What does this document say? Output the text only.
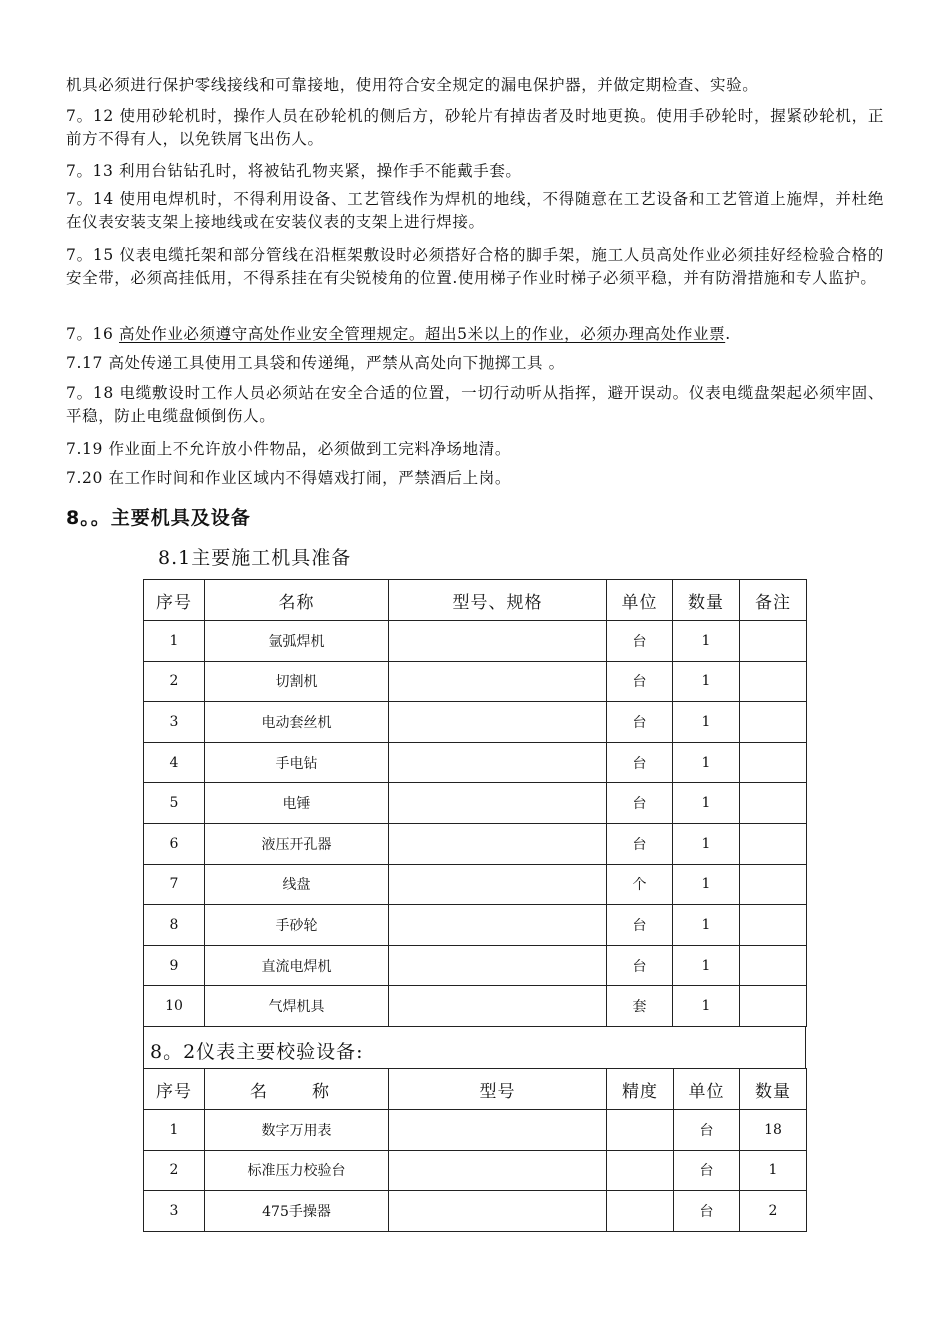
机具必须进行保护零线接线和可靠接地，使用符合安全规定的漏电保护器，并做定期检查、实验。
7。12 使用砂轮机时，操作人员在砂轮机的侧后方，砂轮片有掉齿者及时地更换。使用手砂轮时，握紧砂轮机，正前方不得有人，以免铁屑飞出伤人。
7。13 利用台钻钻孔时，将被钻孔物夹紧，操作手不能戴手套。
7。14 使用电焊机时，不得利用设备、工艺管线作为焊机的地线，不得随意在工艺设备和工艺管道上施焊，并杜绝在仪表安装支架上接地线或在安装仪表的支架上进行焊接。
7。15 仪表电缆托架和部分管线在沿框架敷设时必须搭好合格的脚手架，施工人员高处作业必须挂好经检验合格的安全带，必须高挂低用，不得系挂在有尖锐棱角的位置.使用梯子作业时梯子必须平稳，并有防滑措施和专人监护。
7。16 高处作业必须遵守高处作业安全管理规定。超出5米以上的作业，必须办理高处作业票.
7.17 高处传递工具使用工具袋和传递绳，严禁从高处向下抛掷工具 。
7。18 电缆敷设时工作人员必须站在安全合适的位置，一切行动听从指挥，避开误动。仪表电缆盘架起必须牢固、平稳，防止电缆盘倾倒伤人。
7.19 作业面上不允许放小件物品，必须做到工完料净场地清。
7.20 在工作时间和作业区域内不得嬉戏打闹，严禁酒后上岗。
8。。主要机具及设备
8.1主要施工机具准备
序号	名称	型号、规格	单位	数量	备注
1	氩弧焊机		台	1	
2	切割机		台	1	
3	电动套丝机		台	1	
4	手电钻		台	1	
5	电锤		台	1	
6	液压开孔器		台	1	
7	线盘		个	1	
8	手砂轮		台	1	
9	直流电焊机		台	1	
10	气焊机具		套	1	
8。2仪表主要校验设备:
序号	名　称	型号	精度	单位	数量
1	数字万用表			台	18
2	标准压力校验台			台	1
3	475手操器			台	2
